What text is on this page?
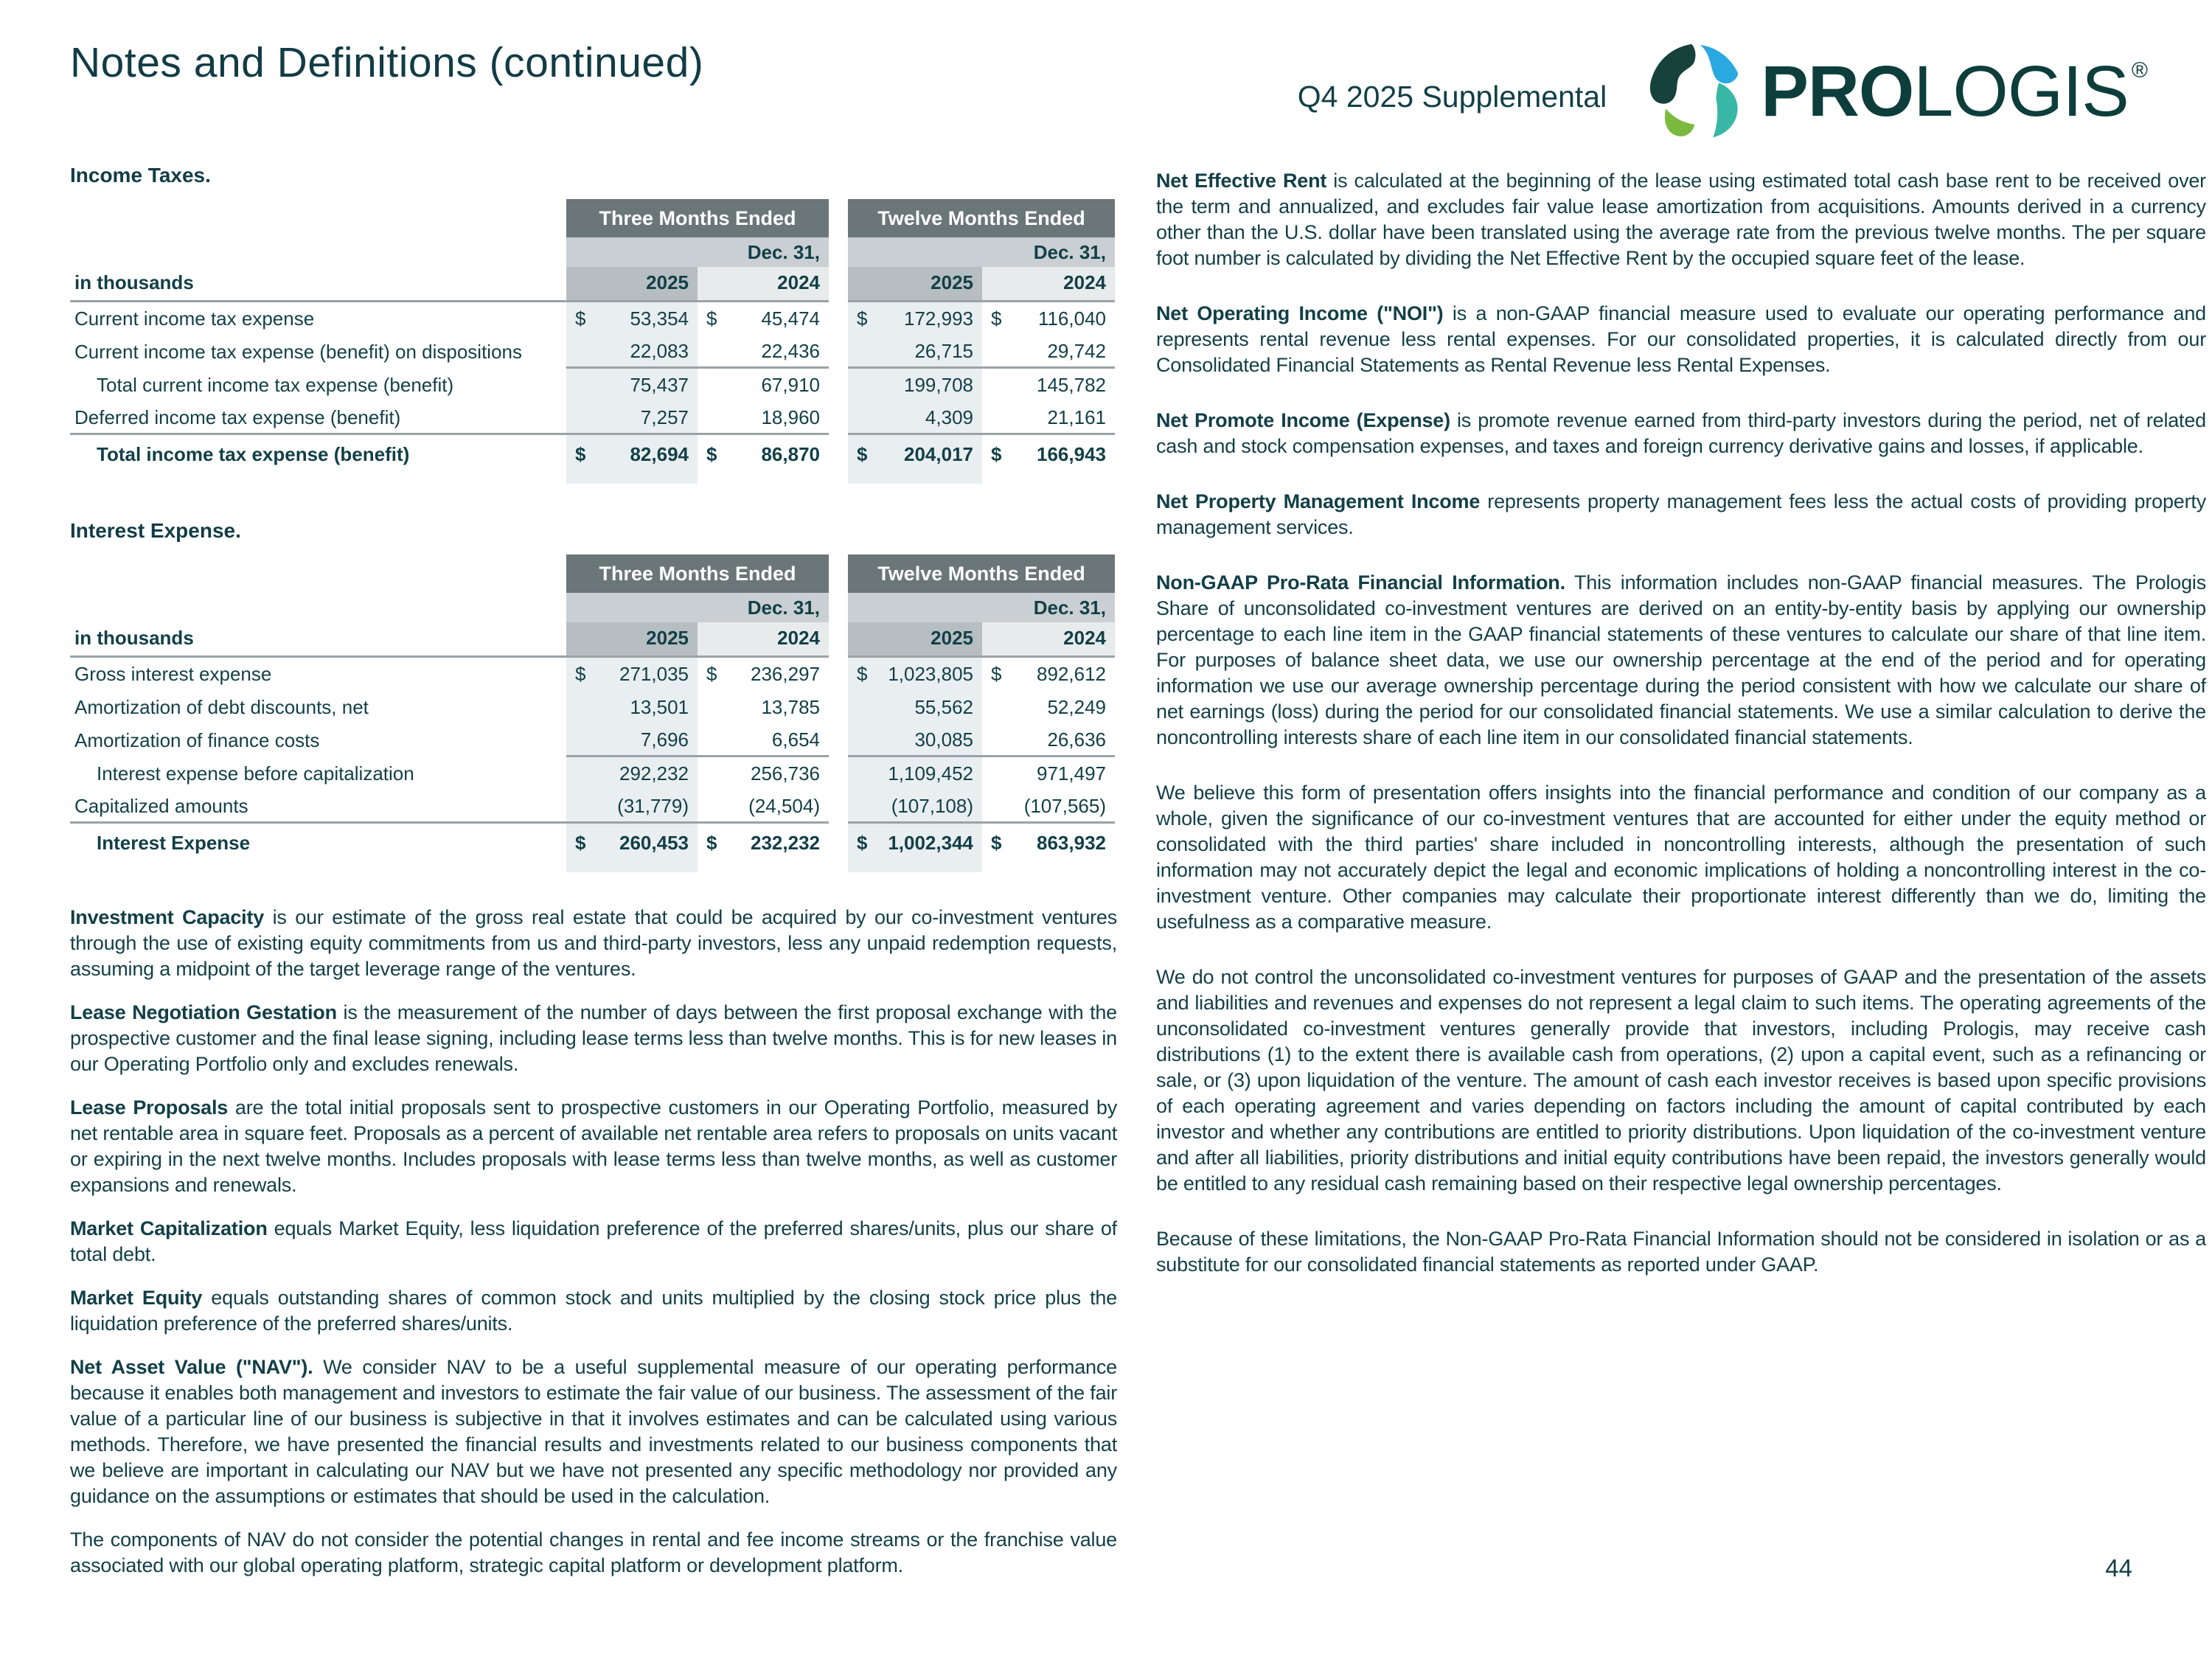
Notes and Definitions (continued)
Q4 2025 Supplemental PROLOGIS ®
Income Taxes.
Three Months Ended	Twelve Months Ended
Dec. 31,	Dec. 31,
in thousands	2025	2024	2025	2024
Current income tax expense	$ 53,354 $ 45,474 $ 172,993 $ 116,040
Current income tax expense (benefit) on dispositions	22,083	22,436	26,715	29,742
Total current income tax expense (benefit)	75,437	67,910	199,708	145,782
Deferred income tax expense (benefit)	7,257	18,960	4,309	21,161
Total income tax expense (benefit)	$ 82,694 $ 86,870 $ 204,017 $ 166,943
Interest Expense.
Three Months Ended	Twelve Months Ended
Dec. 31,	Dec. 31,
in thousands	2025	2024	2025	2024
Gross interest expense	$ 271,035 $ 236,297 $ 1,023,805 $ 892,612
Amortization of debt discounts, net	13,501	13,785	55,562	52,249
Amortization of finance costs	7,696	6,654	30,085	26,636
Interest expense before capitalization	292,232	256,736	1,109,452	971,497
Capitalized amounts	(31,779)	(24,504)	(107,108)	(107,565)
Interest Expense	$ 260,453 $ 232,232 $ 1,002,344 $ 863,932

Investment Capacity is our estimate of the gross real estate that could be acquired by our co-investment ventures through the use of existing equity commitments from us and third-party investors, less any unpaid redemption requests, assuming a midpoint of the target leverage range of the ventures.

Lease Negotiation Gestation is the measurement of the number of days between the first proposal exchange with the prospective customer and the final lease signing, including lease terms less than twelve months. This is for new leases in our Operating Portfolio only and excludes renewals.

Lease Proposals are the total initial proposals sent to prospective customers in our Operating Portfolio, measured by net rentable area in square feet. Proposals as a percent of available net rentable area refers to proposals on units vacant or expiring in the next twelve months. Includes proposals with lease terms less than twelve months, as well as customer expansions and renewals.

Market Capitalization equals Market Equity, less liquidation preference of the preferred shares/units, plus our share of total debt.

Market Equity equals outstanding shares of common stock and units multiplied by the closing stock price plus the liquidation preference of the preferred shares/units.

Net Asset Value ("NAV"). We consider NAV to be a useful supplemental measure of our operating performance because it enables both management and investors to estimate the fair value of our business. The assessment of the fair value of a particular line of our business is subjective in that it involves estimates and can be calculated using various methods. Therefore, we have presented the financial results and investments related to our business components that we believe are important in calculating our NAV but we have not presented any specific methodology nor provided any guidance on the assumptions or estimates that should be used in the calculation.

The components of NAV do not consider the potential changes in rental and fee income streams or the franchise value associated with our global operating platform, strategic capital platform or development platform.

Net Effective Rent is calculated at the beginning of the lease using estimated total cash base rent to be received over the term and annualized, and excludes fair value lease amortization from acquisitions. Amounts derived in a currency other than the U.S. dollar have been translated using the average rate from the previous twelve months. The per square foot number is calculated by dividing the Net Effective Rent by the occupied square feet of the lease.

Net Operating Income ("NOI") is a non-GAAP financial measure used to evaluate our operating performance and represents rental revenue less rental expenses. For our consolidated properties, it is calculated directly from our Consolidated Financial Statements as Rental Revenue less Rental Expenses.

Net Promote Income (Expense) is promote revenue earned from third-party investors during the period, net of related cash and stock compensation expenses, and taxes and foreign currency derivative gains and losses, if applicable.

Net Property Management Income represents property management fees less the actual costs of providing property management services.

Non-GAAP Pro-Rata Financial Information. This information includes non-GAAP financial measures. The Prologis Share of unconsolidated co-investment ventures are derived on an entity-by-entity basis by applying our ownership percentage to each line item in the GAAP financial statements of these ventures to calculate our share of that line item. For purposes of balance sheet data, we use our ownership percentage at the end of the period and for operating information we use our average ownership percentage during the period consistent with how we calculate our share of net earnings (loss) during the period for our consolidated financial statements. We use a similar calculation to derive the noncontrolling interests share of each line item in our consolidated financial statements.

We believe this form of presentation offers insights into the financial performance and condition of our company as a whole, given the significance of our co-investment ventures that are accounted for either under the equity method or consolidated with the third parties' share included in noncontrolling interests, although the presentation of such information may not accurately depict the legal and economic implications of holding a noncontrolling interest in the co-investment venture. Other companies may calculate their proportionate interest differently than we do, limiting the usefulness as a comparative measure.

We do not control the unconsolidated co-investment ventures for purposes of GAAP and the presentation of the assets and liabilities and revenues and expenses do not represent a legal claim to such items. The operating agreements of the unconsolidated co-investment ventures generally provide that investors, including Prologis, may receive cash distributions (1) to the extent there is available cash from operations, (2) upon a capital event, such as a refinancing or sale, or (3) upon liquidation of the venture. The amount of cash each investor receives is based upon specific provisions of each operating agreement and varies depending on factors including the amount of capital contributed by each investor and whether any contributions are entitled to priority distributions. Upon liquidation of the co-investment venture and after all liabilities, priority distributions and initial equity contributions have been repaid, the investors generally would be entitled to any residual cash remaining based on their respective legal ownership percentages.

Because of these limitations, the Non-GAAP Pro-Rata Financial Information should not be considered in isolation or as a substitute for our consolidated financial statements as reported under GAAP.

44
